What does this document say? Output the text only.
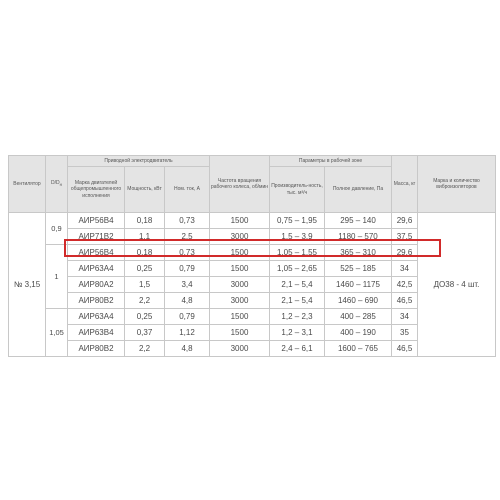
Вентилятор	$D/D_н$	Приводной электродвигатель			Частота вращения рабочего колеса, об/мин	Параметры в рабочей зоне		Масса, кг	Марка и количество виброизоляторов
		Марка двигателей общепромышленного исполнения	Мощность, кВт	Ном. ток, А		Производитель-ность, тыс. м³/ч	Полное давление, Па		
№ 3,15	0,9	АИР56В4	0,18	0,73	1500	0,75 – 1,95	295 – 140	29,6	ДО38 - 4 шт.
		АИР71В2	1,1	2,5	3000	1,5 – 3,9	1180 – 570	37,5	
	1	АИР56В4	0,18	0,73	1500	1,05 – 1,55	365 – 310	29,6	
		АИР63А4	0,25	0,79	1500	1,05 – 2,65	525 – 185	34	
		АИР80А2	1,5	3,4	3000	2,1 – 5,4	1460 – 1175	42,5	
		АИР80В2	2,2	4,8	3000	2,1 – 5,4	1460 – 690	46,5	
	1,05	АИР63А4	0,25	0,79	1500	1,2 – 2,3	400 – 285	34	
		АИР63В4	0,37	1,12	1500	1,2 – 3,1	400 – 190	35	
		АИР80В2	2,2	4,8	3000	2,4 – 6,1	1600 – 765	46,5	
